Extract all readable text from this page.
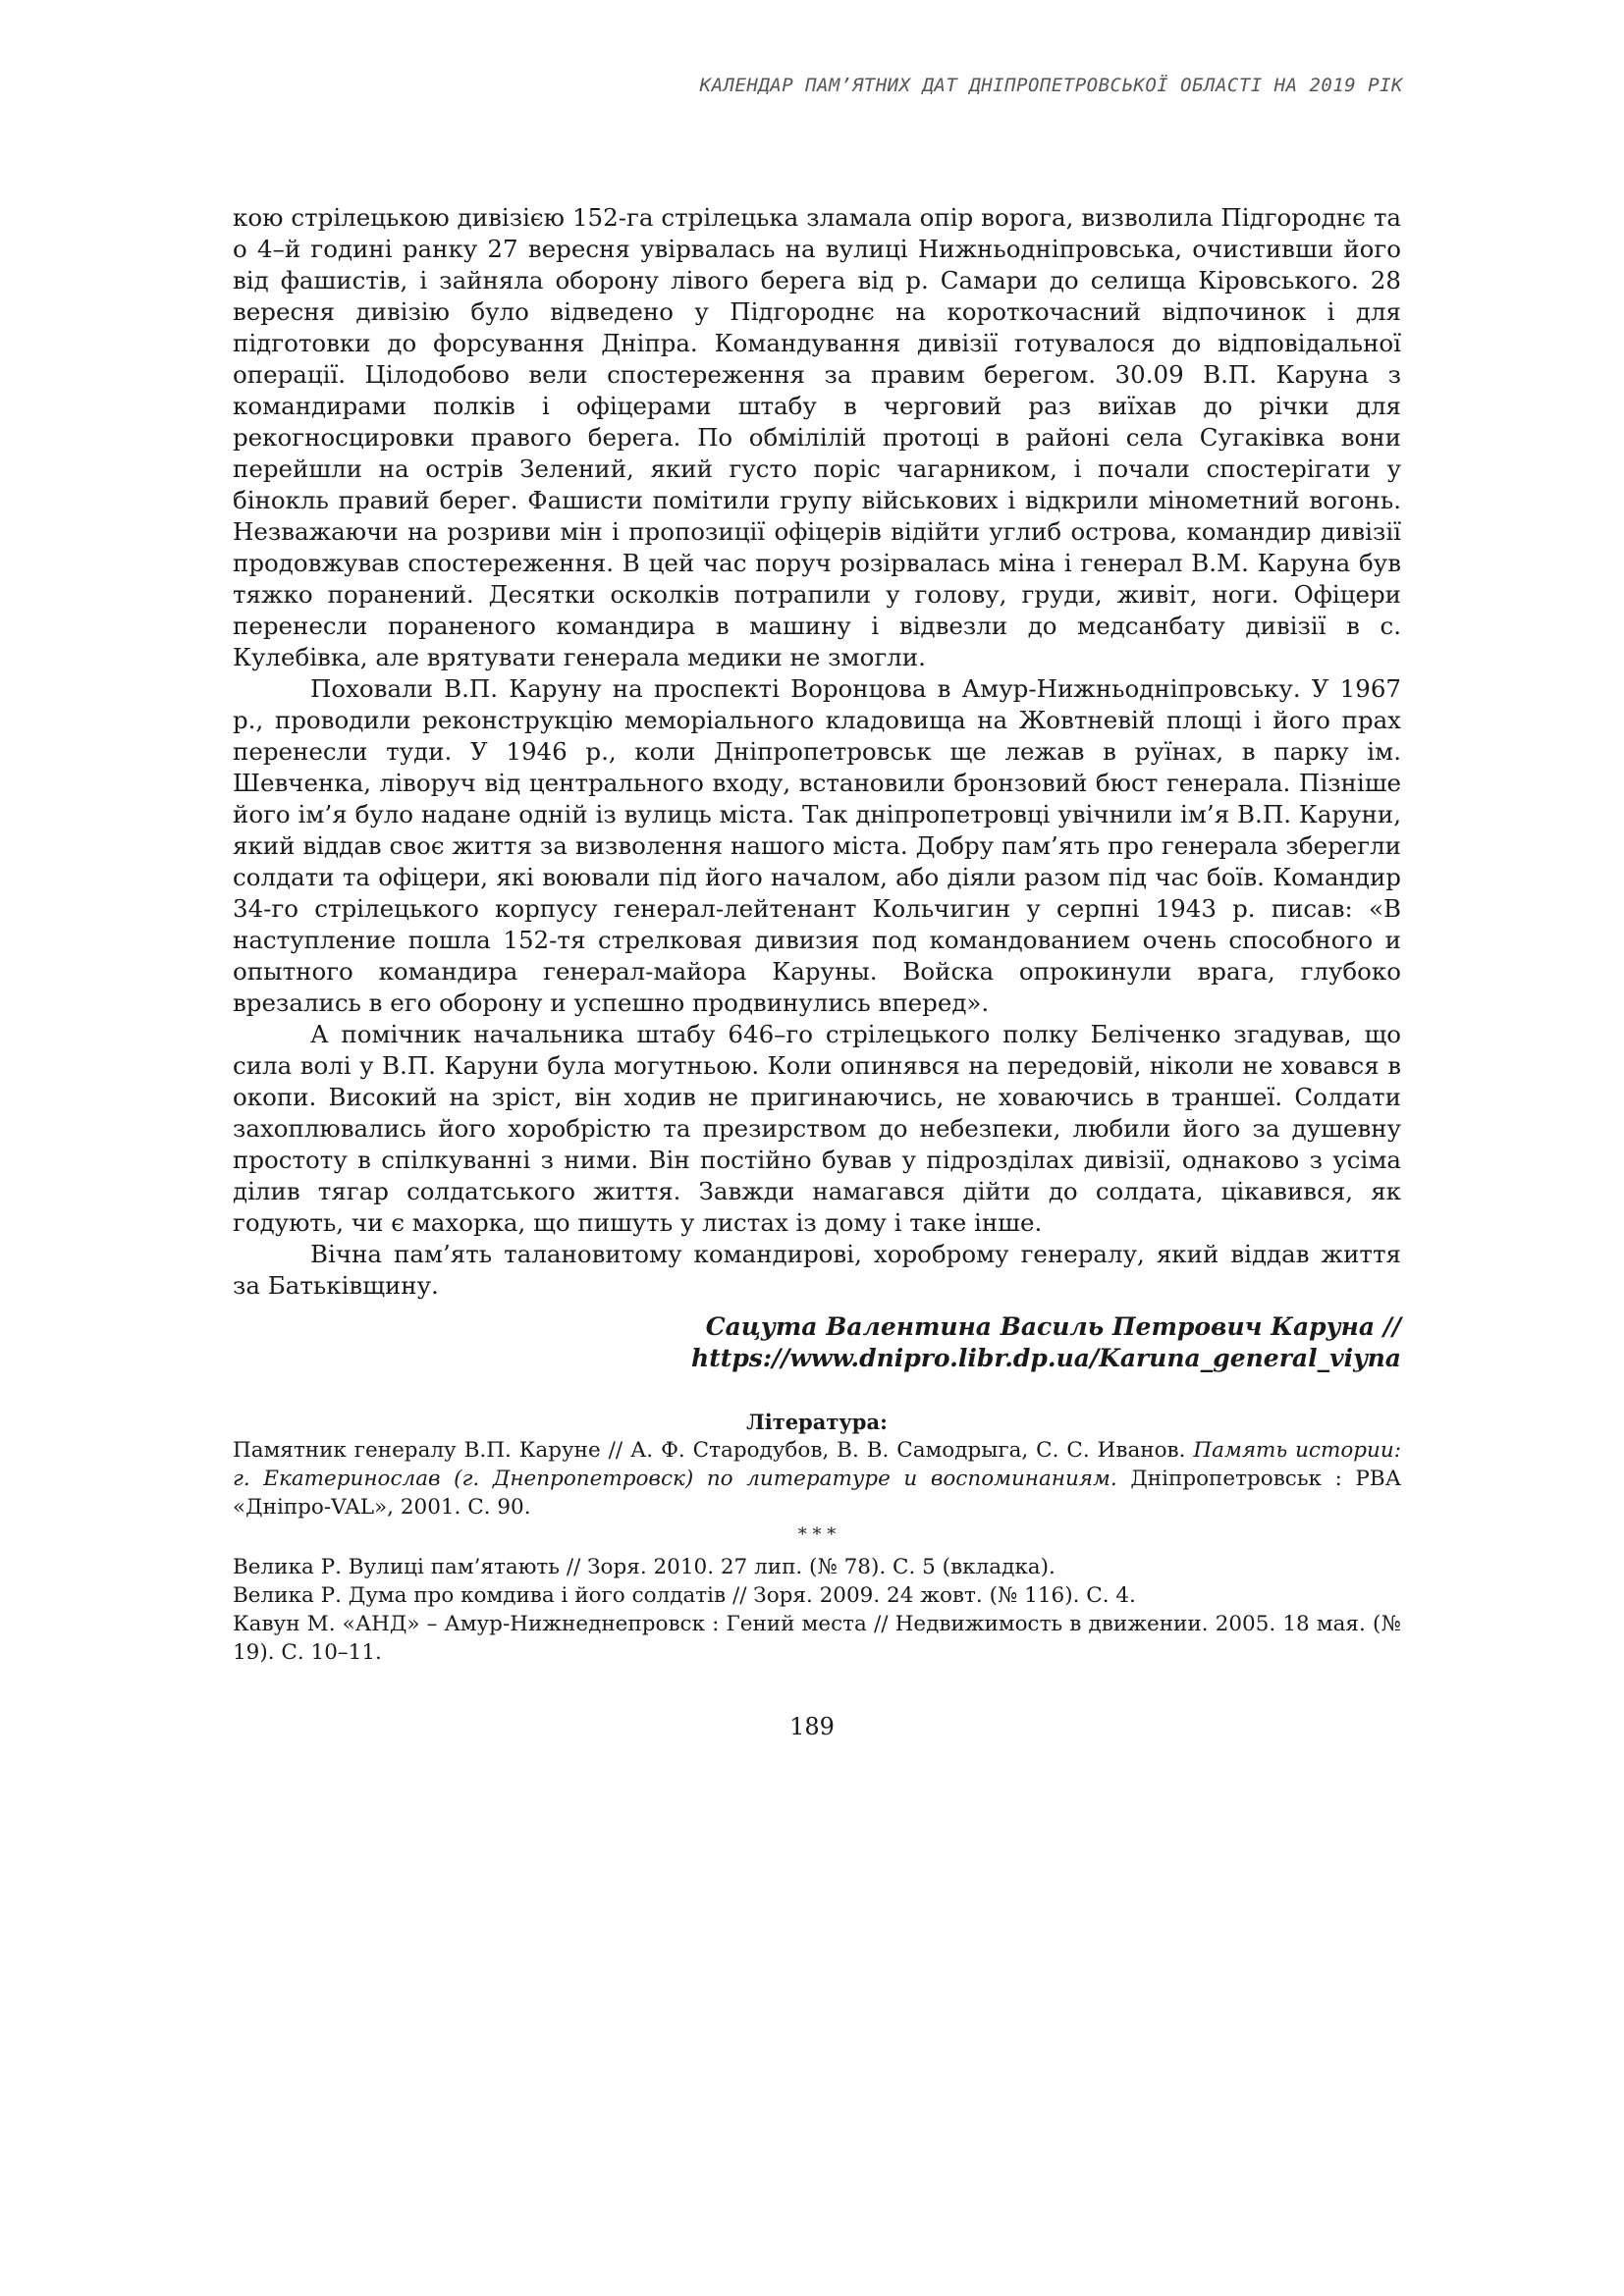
КАЛЕНДАР ПАМ’ЯТНИХ ДАТ ДНІПРОПЕТРОВСЬКОЇ ОБЛАСТІ НА 2019 РІК

кою стрілецькою дивізією 152-га стрілецька зламала опір ворога, визволила Підгороднє та о 4–й годині ранку 27 вересня увірвалась на вулиці Нижньодніпровська, очистивши його від фашистів, і зайняла оборону лівого берега від р. Самари до селища Кіровського. 28 вересня дивізію було відведено у Підгороднє на короткочасний відпочинок і для підготовки до форсування Дніпра. Командування дивізії готувалося до відповідальної операції. Цілодобово вели спостереження за правим берегом. 30.09 В.П. Каруна з командирами полків і офіцерами штабу в черговий раз виїхав до річки для рекогносцировки правого берега. По обмілілій протоці в районі села Сугаківка вони перейшли на острів Зелений, який густо поріс чагарником, і почали спостерігати у бінокль правий берег. Фашисти помітили групу військових і відкрили мінометний вогонь. Незважаючи на розриви мін і пропозиції офіцерів відійти углиб острова, командир дивізії продовжував спостереження. В цей час поруч розірвалась міна і генерал В.М. Каруна був тяжко поранений. Десятки осколків потрапили у голову, груди, живіт, ноги. Офіцери перенесли пораненого командира в машину і відвезли до медсанбату дивізії в с. Кулебівка, але врятувати генерала медики не змогли.

Поховали В.П. Каруну на проспекті Воронцова в Амур-Нижньодніпровську. У 1967 р., проводили реконструкцію меморіального кладовища на Жовтневій площі і його прах перенесли туди. У 1946 р., коли Дніпропетровськ ще лежав в руїнах, в парку ім. Шевченка, ліворуч від центрального входу, встановили бронзовий бюст генерала. Пізніше його ім’я було надане одній із вулиць міста. Так дніпропетровці увічнили ім’я В.П. Каруни, який віддав своє життя за визволення нашого міста. Добру пам’ять про генерала зберегли солдати та офіцери, які воювали під його началом, або діяли разом під час боїв. Командир 34-го стрілецького корпусу генерал-лейтенант Кольчигин у серпні 1943 р. писав: «В наступление пошла 152-тя стрелковая дивизия под командованием очень способного и опытного командира генерал-майора Каруны. Войска опрокинули врага, глубоко врезались в его оборону и успешно продвинулись вперед».

А помічник начальника штабу 646–го стрілецького полку Беліченко згадував, що сила волі у В.П. Каруни була могутньою. Коли опинявся на передовій, ніколи не ховався в окопи. Високий на зріст, він ходив не пригинаючись, не ховаючись в траншеї. Солдати захоплювались його хоробрістю та презирством до небезпеки, любили його за душевну простоту в спілкуванні з ними. Він постійно бував у підрозділах дивізії, однаково з усіма ділив тягар солдатського життя. Завжди намагався дійти до солдата, цікавився, як годують, чи є махорка, що пишуть у листах із дому і таке інше.

Вічна пам’ять талановитому командирові, хороброму генералу, який віддав життя за Батьківщину.

Сацута Валентина Василь Петрович Каруна //
https://www.dnipro.libr.dp.ua/Karuna_general_viyna
Література:

Памятник генералу В.П. Каруне // А. Ф. Стародубов, В. В. Самодрыга, С. С. Иванов. Память истории: г. Екатеринослав (г. Днепропетровск) по литературе и воспоминаниям. Дніпропетровськ : РВА «Дніпро-VAL», 2001. С. 90.

* * *

Велика Р. Вулиці пам’ятають // Зоря. 2010. 27 лип. (№ 78). С. 5 (вкладка).

Велика Р. Дума про комдива і його солдатів // Зоря. 2009. 24 жовт. (№ 116). С. 4.

Кавун М. «АНД» – Амур-Нижнеднепровск : Гений места // Недвижимость в движении. 2005. 18 мая. (№ 19). С. 10–11.

189
